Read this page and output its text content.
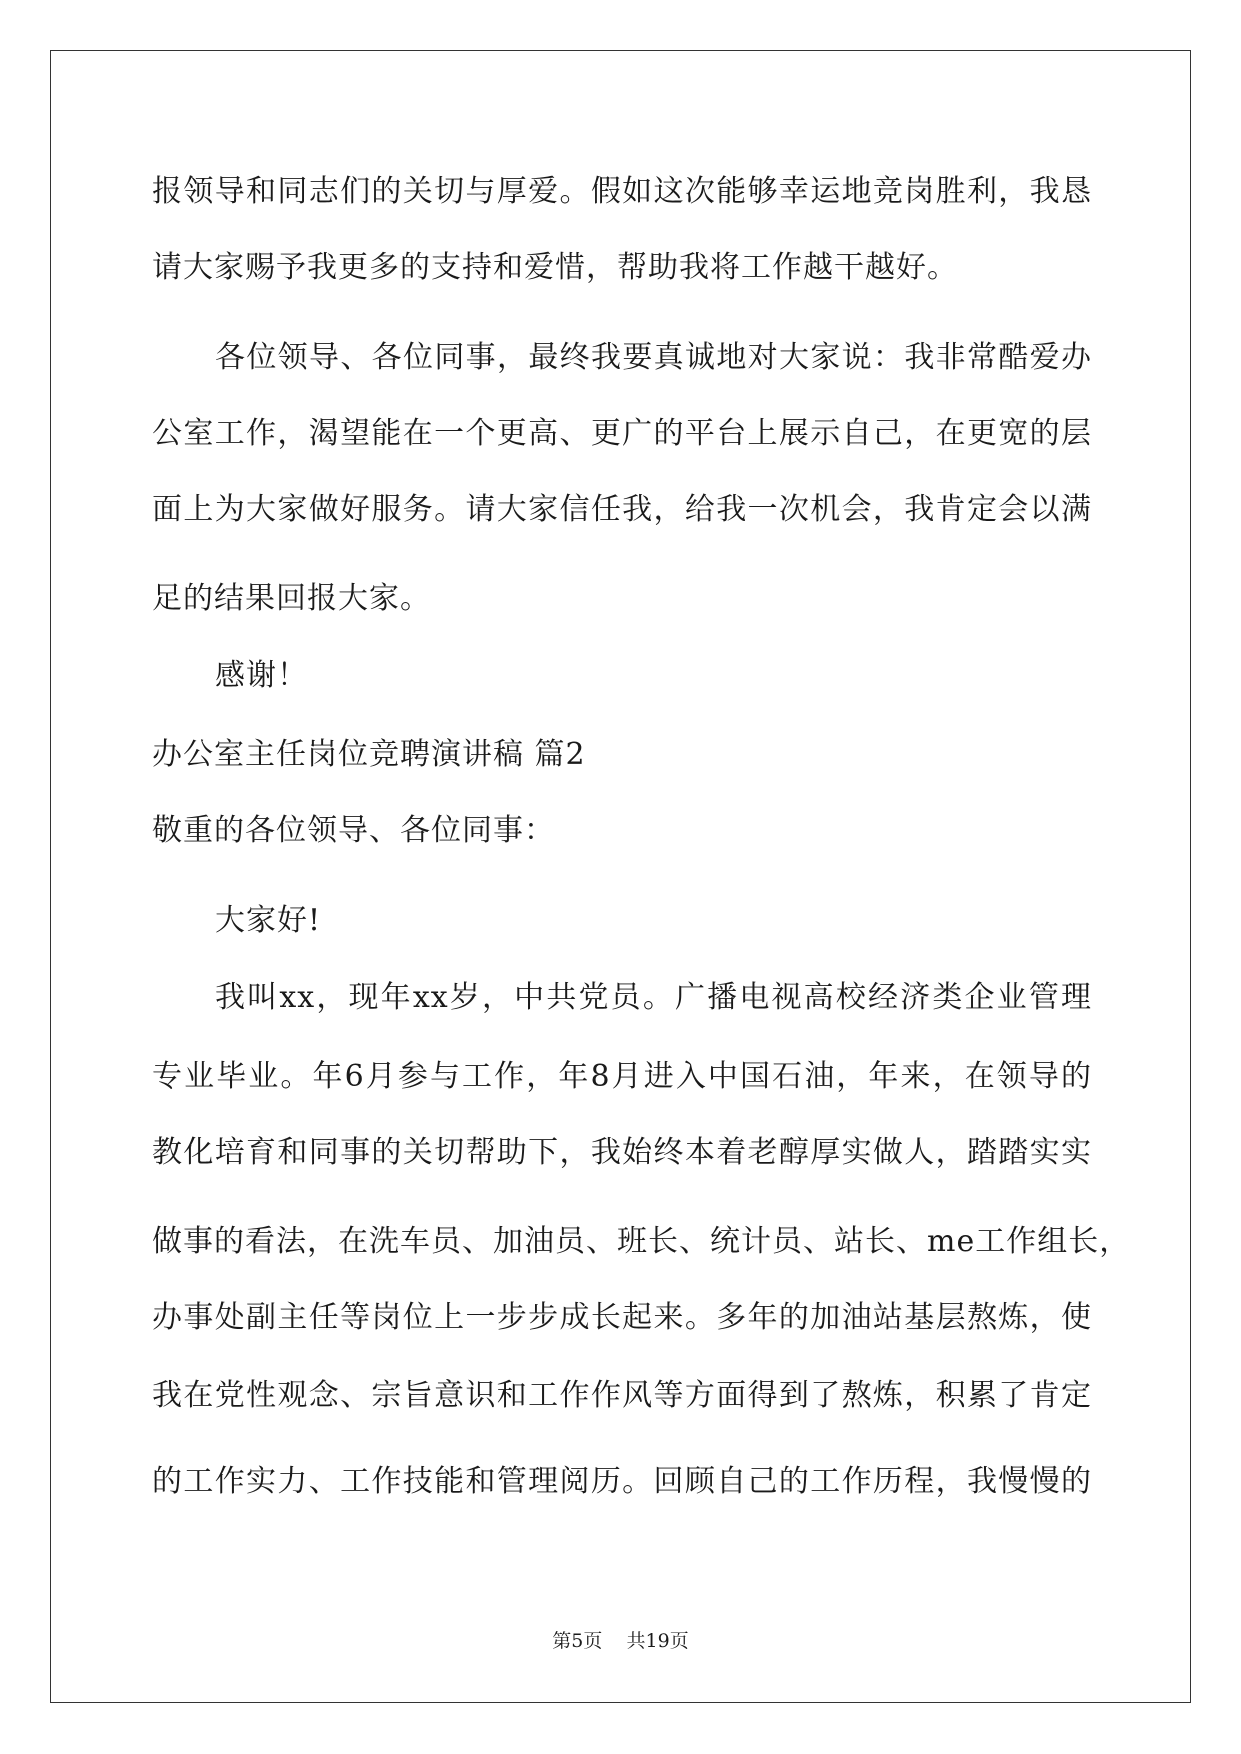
报领导和同志们的关切与厚爱。假如这次能够幸运地竞岗胜利，我恳
请大家赐予我更多的支持和爱惜，帮助我将工作越干越好。
各位领导、各位同事，最终我要真诚地对大家说：我非常酷爱办
公室工作，渴望能在一个更高、更广的平台上展示自己，在更宽的层
面上为大家做好服务。请大家信任我，给我一次机会，我肯定会以满
足的结果回报大家。
感谢！
办公室主任岗位竞聘演讲稿 篇2
敬重的各位领导、各位同事：
大家好!
我叫xx，现年xx岁，中共党员。广播电视高校经济类企业管理
专业毕业。年6月参与工作，年8月进入中国石油，年来，在领导的
教化培育和同事的关切帮助下，我始终本着老醇厚实做人，踏踏实实
做事的看法，在洗车员、加油员、班长、统计员、站长、me工作组长，
办事处副主任等岗位上一步步成长起来。多年的加油站基层熬炼，使
我在党性观念、宗旨意识和工作作风等方面得到了熬炼，积累了肯定
的工作实力、工作技能和管理阅历。回顾自己的工作历程，我慢慢的
第5页 共19页
